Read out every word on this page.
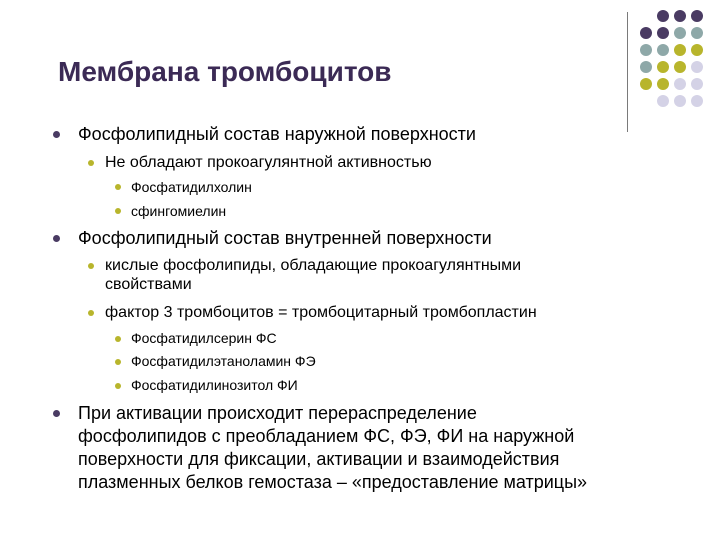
Мембрана тромбоцитов
Фосфолипидный состав наружной поверхности
Не обладают прокоагулянтной активностью
Фосфатидилхолин
сфингомиелин
Фосфолипидный состав внутренней поверхности
кислые фосфолипиды, обладающие прокоагулянтными
свойствами
фактор 3 тромбоцитов = тромбоцитарный тромбопластин
Фосфатидилсерин ФС
Фосфатидилэтаноламин ФЭ
Фосфатидилинозитол ФИ
При активации происходит перераспределение
фосфолипидов с преобладанием ФС, ФЭ, ФИ на наружной
поверхности для фиксации, активации и взаимодействия
плазменных белков гемостаза – «предоставление матрицы»
